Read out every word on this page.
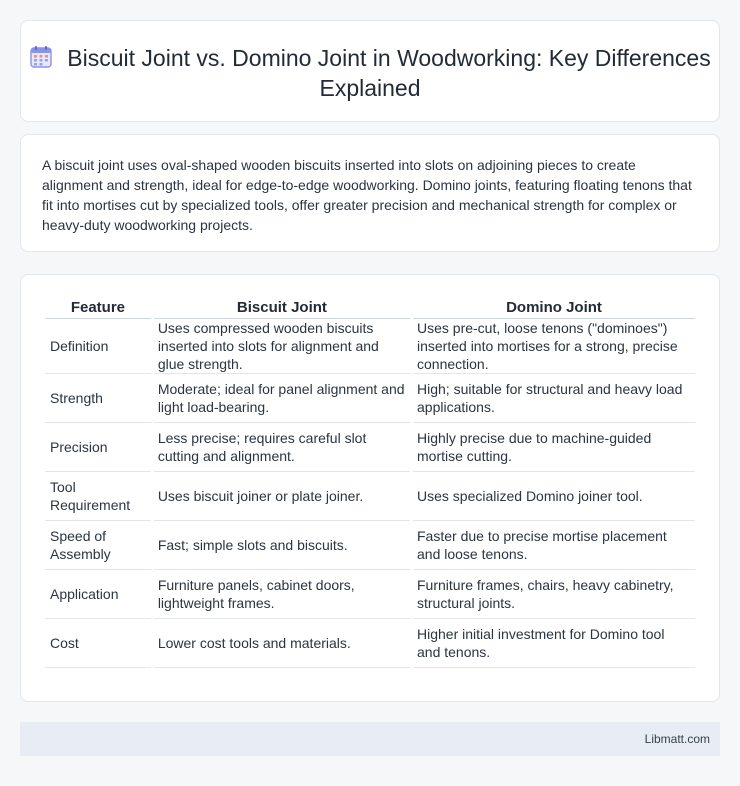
Biscuit Joint vs. Domino Joint in Woodworking: Key Differences Explained

A biscuit joint uses oval-shaped wooden biscuits inserted into slots on adjoining pieces to create alignment and strength, ideal for edge-to-edge woodworking. Domino joints, featuring floating tenons that fit into mortises cut by specialized tools, offer greater precision and mechanical strength for complex or heavy-duty woodworking projects.

Feature	Biscuit Joint	Domino Joint
Definition	Uses compressed wooden biscuits inserted into slots for alignment and glue strength.	Uses pre-cut, loose tenons ("dominoes") inserted into mortises for a strong, precise connection.
Strength	Moderate; ideal for panel alignment and light load-bearing.	High; suitable for structural and heavy load applications.
Precision	Less precise; requires careful slot cutting and alignment.	Highly precise due to machine-guided mortise cutting.
Tool Requirement	Uses biscuit joiner or plate joiner.	Uses specialized Domino joiner tool.
Speed of Assembly	Fast; simple slots and biscuits.	Faster due to precise mortise placement and loose tenons.
Application	Furniture panels, cabinet doors, lightweight frames.	Furniture frames, chairs, heavy cabinetry, structural joints.
Cost	Lower cost tools and materials.	Higher initial investment for Domino tool and tenons.
Libmatt.com
